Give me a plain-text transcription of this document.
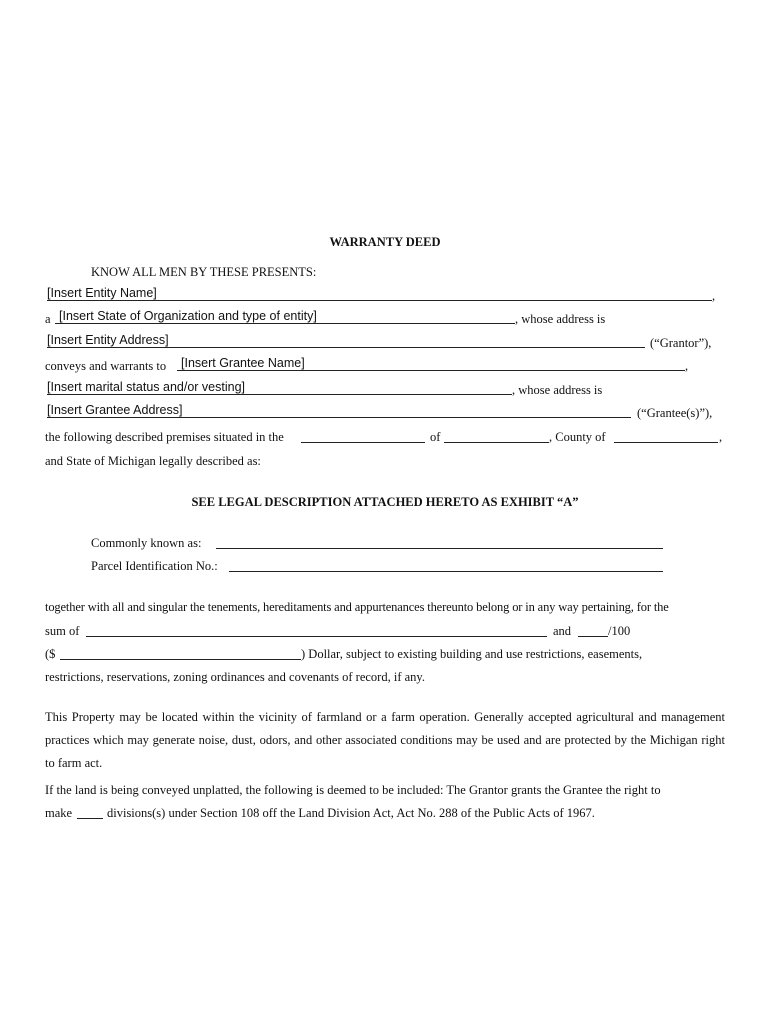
WARRANTY DEED
KNOW ALL MEN BY THESE PRESENTS:
[Insert Entity Name]	,
a [Insert State of Organization and type of entity]	, whose address is
[Insert Entity Address]	(“Grantor”),
conveys and warrants to [Insert Grantee Name]	,
[Insert marital status and/or vesting]	, whose address is
[Insert Grantee Address]	(“Grantee(s)”),
the following described premises situated in the	of	, County of	,
and State of Michigan legally described as:
SEE LEGAL DESCRIPTION ATTACHED HERETO AS EXHIBIT “A”
Commonly known as:
Parcel Identification No.:
together with all and singular the tenements, hereditaments and appurtenances thereunto belong or in any way pertaining, for the
sum of	and	/100
($	) Dollar, subject to existing building and use restrictions, easements,
restrictions, reservations, zoning ordinances and covenants of record, if any.
This Property may be located within the vicinity of farmland or a farm operation. Generally accepted agricultural and management practices which may generate noise, dust, odors, and other associated conditions may be used and are protected by the Michigan right to farm act.
If the land is being conveyed unplatted, the following is deemed to be included: The Grantor grants the Grantee the right to
make	divisions(s) under Section 108 off the Land Division Act, Act No. 288 of the Public Acts of 1967.
